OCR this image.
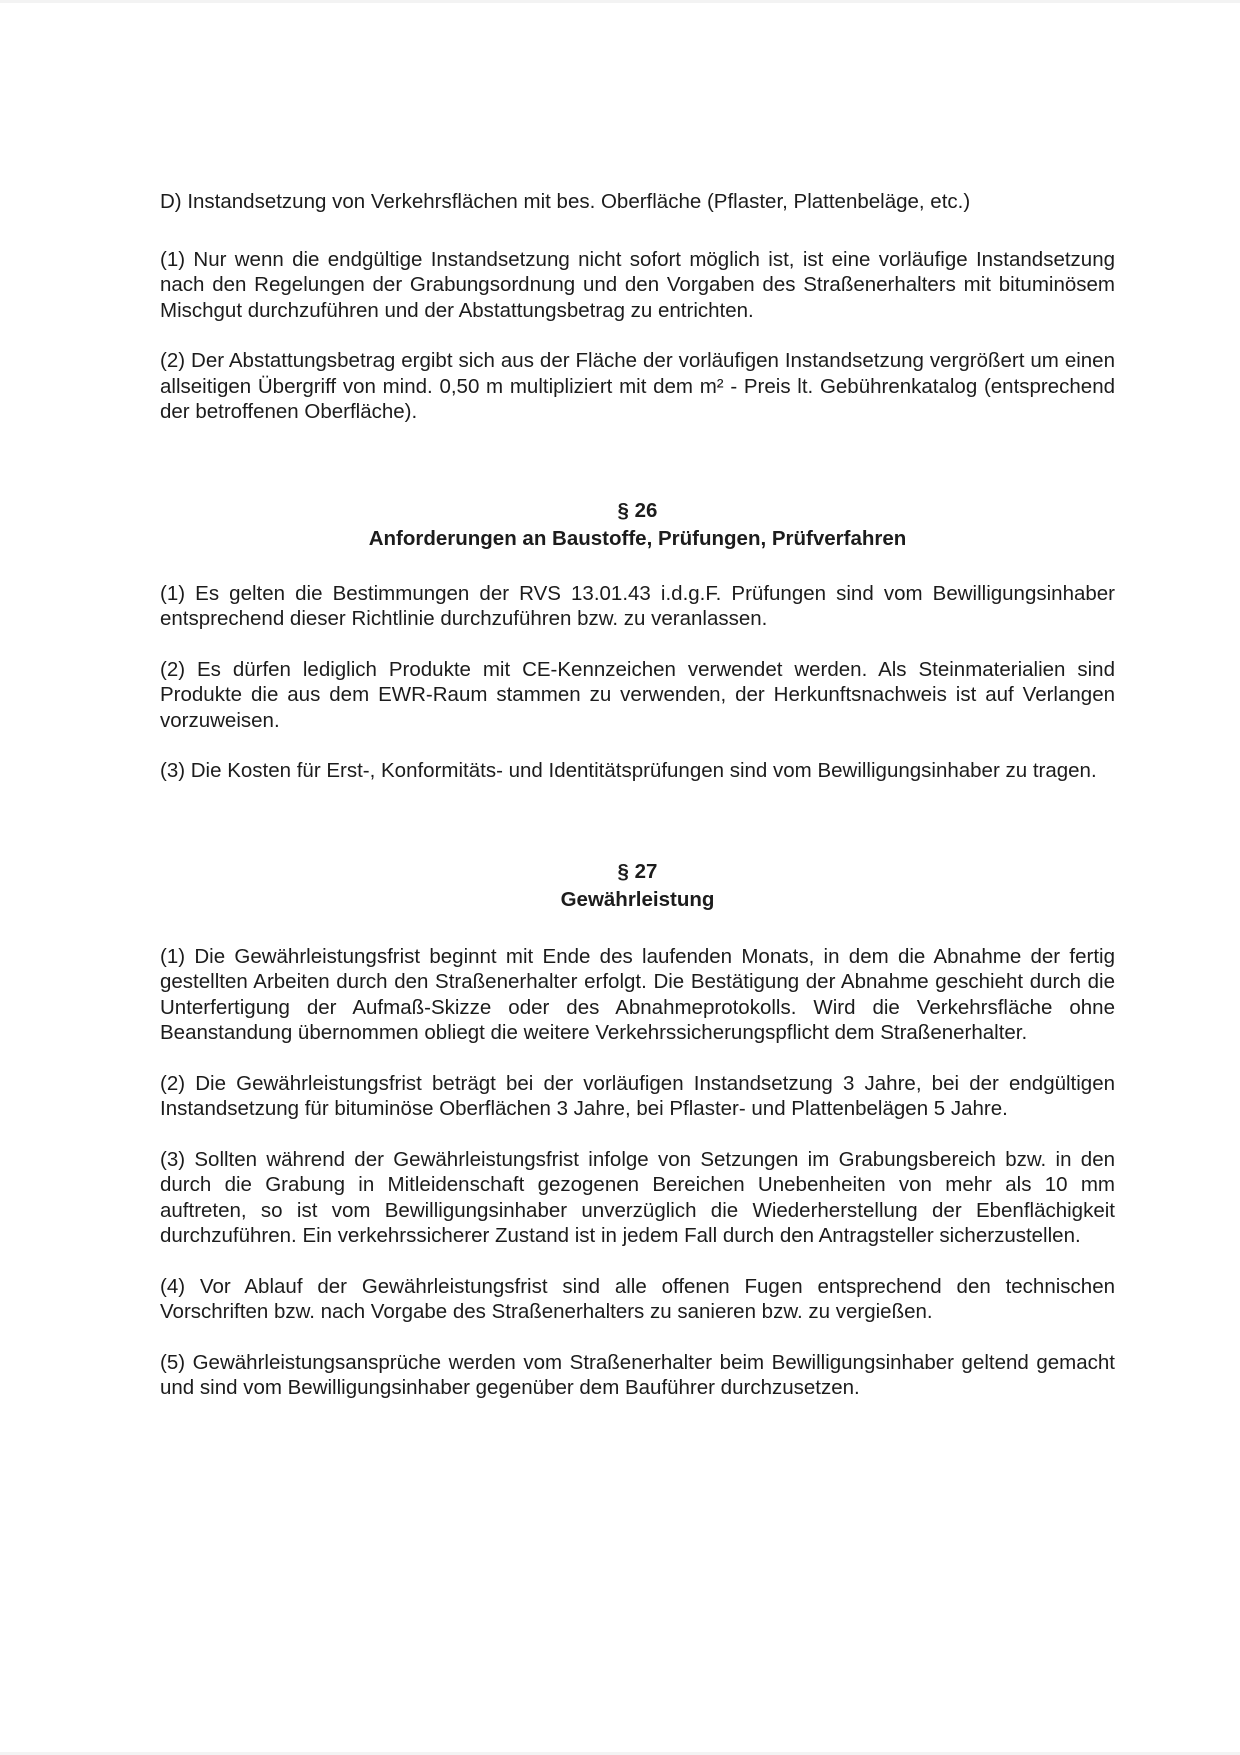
D) Instandsetzung von Verkehrsflächen mit bes. Oberfläche (Pflaster, Plattenbeläge, etc.)

(1) Nur wenn die endgültige Instandsetzung nicht sofort möglich ist, ist eine vorläufige Instandsetzung nach den Regelungen der Grabungsordnung und den Vorgaben des Straßenerhalters mit bituminösem Mischgut durchzuführen und der Abstattungsbetrag zu entrichten.

(2) Der Abstattungsbetrag ergibt sich aus der Fläche der vorläufigen Instandsetzung vergrößert um einen allseitigen Übergriff von mind. 0,50 m multipliziert mit dem m² - Preis lt. Gebührenkatalog (entsprechend der betroffenen Oberfläche).

§ 26
Anforderungen an Baustoffe, Prüfungen, Prüfverfahren

(1) Es gelten die Bestimmungen der RVS 13.01.43 i.d.g.F. Prüfungen sind vom Bewilligungsinhaber entsprechend dieser Richtlinie durchzuführen bzw. zu veranlassen.

(2) Es dürfen lediglich Produkte mit CE-Kennzeichen verwendet werden. Als Steinmaterialien sind Produkte die aus dem EWR-Raum stammen zu verwenden, der Herkunftsnachweis ist auf Verlangen vorzuweisen.

(3) Die Kosten für Erst-, Konformitäts- und Identitätsprüfungen sind vom Bewilligungsinhaber zu tragen.

§ 27
Gewährleistung

(1) Die Gewährleistungsfrist beginnt mit Ende des laufenden Monats, in dem die Abnahme der fertig gestellten Arbeiten durch den Straßenerhalter erfolgt. Die Bestätigung der Abnahme geschieht durch die Unterfertigung der Aufmaß-Skizze oder des Abnahmeprotokolls. Wird die Verkehrsfläche ohne Beanstandung übernommen obliegt die weitere Verkehrssicherungspflicht dem Straßenerhalter.

(2) Die Gewährleistungsfrist beträgt bei der vorläufigen Instandsetzung 3 Jahre, bei der endgültigen Instandsetzung für bituminöse Oberflächen 3 Jahre, bei Pflaster- und Plattenbelägen 5 Jahre.

(3) Sollten während der Gewährleistungsfrist infolge von Setzungen im Grabungsbereich bzw. in den durch die Grabung in Mitleidenschaft gezogenen Bereichen Unebenheiten von mehr als 10 mm auftreten, so ist vom Bewilligungsinhaber unverzüglich die Wiederherstellung der Ebenflächigkeit durchzuführen. Ein verkehrssicherer Zustand ist in jedem Fall durch den Antragsteller sicherzustellen.

(4) Vor Ablauf der Gewährleistungsfrist sind alle offenen Fugen entsprechend den technischen Vorschriften bzw. nach Vorgabe des Straßenerhalters zu sanieren bzw. zu vergießen.

(5) Gewährleistungsansprüche werden vom Straßenerhalter beim Bewilligungsinhaber geltend gemacht und sind vom Bewilligungsinhaber gegenüber dem Bauführer durchzusetzen.
